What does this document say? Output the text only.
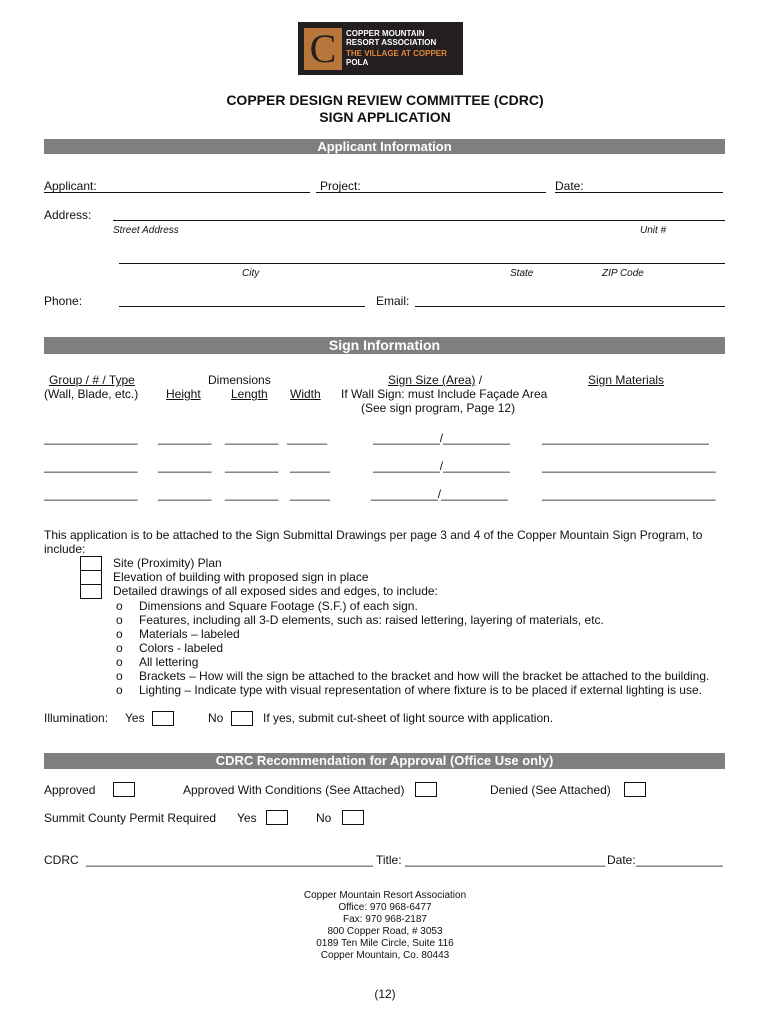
C	COPPER MOUNTAIN
RESORT ASSOCIATION
THE VILLAGE AT COPPER
POLA
COPPER DESIGN REVIEW COMMITTEE (CDRC)
SIGN APPLICATION
Applicant Information
Applicant:	Project:	Date:
Address:
Street Address	Unit #
City	State	ZIP Code
Phone:	Email:
Sign Information
Group / # / Type
(Wall, Blade, etc.)
Dimensions
Height	Length Width
Sign Size (Area) /
If Wall Sign: must Include Façade Area
(See sign program, Page 12)
Sign Materials
______________ ________ ________ ______	__________/__________	_________________________
______________ ________ ________ ______	__________/__________	__________________________
______________ ________ ________ ______	__________/__________	__________________________
This application is to be attached to the Sign Submittal Drawings per page 3 and 4 of the Copper Mountain Sign Program, to
include:
Site (Proximity) Plan
Elevation of building with proposed sign in place
Detailed drawings of all exposed sides and edges, to include:
o Dimensions and Square Footage (S.F.) of each sign.
o Features, including all 3-D elements, such as: raised lettering, layering of materials, etc.
o Materials – labeled
o Colors - labeled
o All lettering
o Brackets – How will the sign be attached to the bracket and how will the bracket be attached to the building.
o Lighting – Indicate type with visual representation of where fixture is to be placed if external lighting is use.
Illumination: Yes	No	If yes, submit cut-sheet of light source with application.
CDRC Recommendation for Approval (Office Use only)
Approved	Approved With Conditions (See Attached)	Denied (See Attached)
Summit County Permit Required Yes	No
CDRC ___________________________________________ Title: ______________________________ Date: _____________
Copper Mountain Resort Association
Office: 970 968-6477
Fax: 970 968-2187
800 Copper Road, # 3053
0189 Ten Mile Circle, Suite 116
Copper Mountain, Co. 80443
(12)
